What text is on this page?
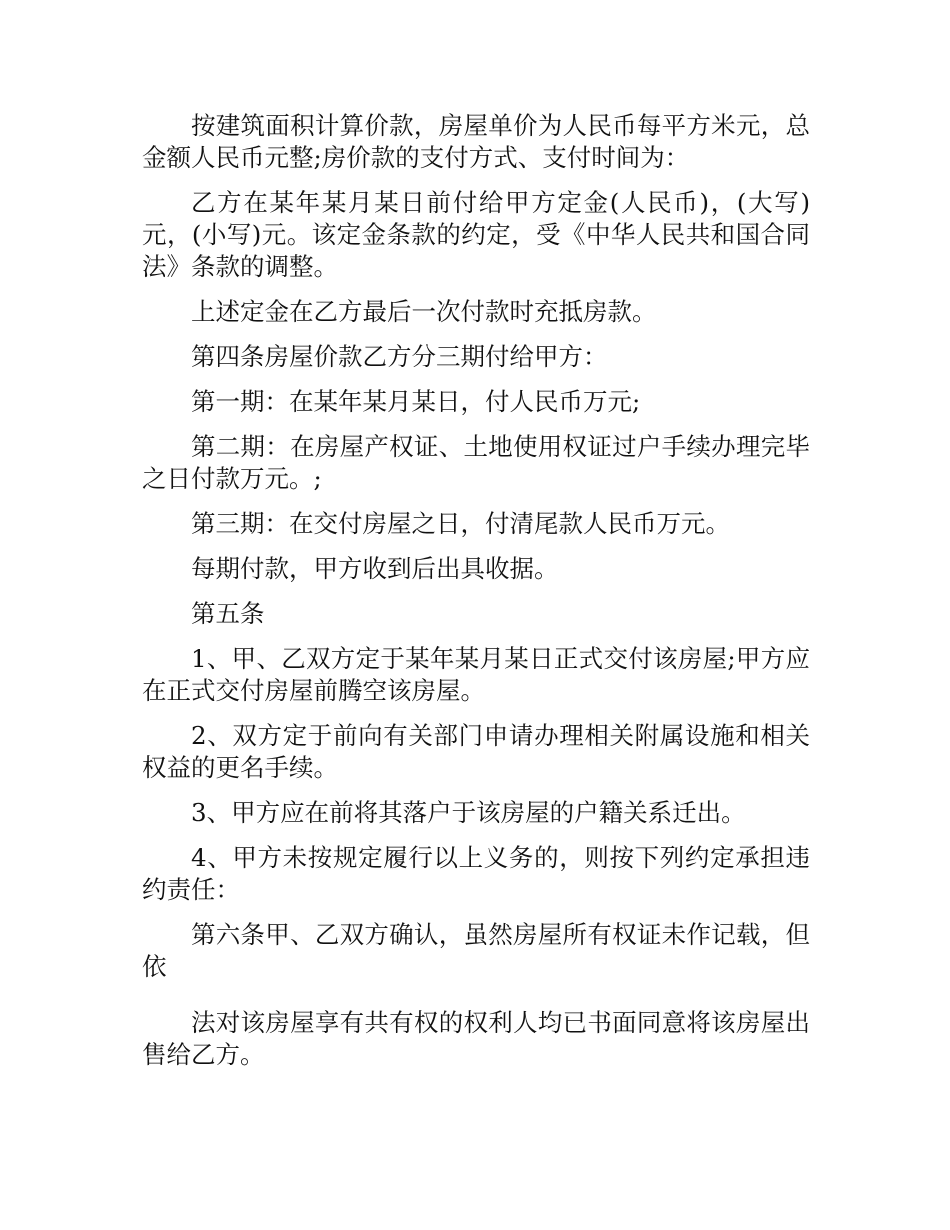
按建筑面积计算价款，房屋单价为人民币每平方米元，总金额人民币元整;房价款的支付方式、支付时间为：

乙方在某年某月某日前付给甲方定金(人民币)，(大写)元，(小写)元。该定金条款的约定，受《中华人民共和国合同法》条款的调整。

上述定金在乙方最后一次付款时充抵房款。

第四条房屋价款乙方分三期付给甲方：

第一期：在某年某月某日，付人民币万元;

第二期：在房屋产权证、土地使用权证过户手续办理完毕之日付款万元。;

第三期：在交付房屋之日，付清尾款人民币万元。

每期付款，甲方收到后出具收据。

第五条

1、甲、乙双方定于某年某月某日正式交付该房屋;甲方应在正式交付房屋前腾空该房屋。

2、双方定于前向有关部门申请办理相关附属设施和相关权益的更名手续。

3、甲方应在前将其落户于该房屋的户籍关系迁出。

4、甲方未按规定履行以上义务的，则按下列约定承担违约责任：

第六条甲、乙双方确认，虽然房屋所有权证未作记载，但依

法对该房屋享有共有权的权利人均已书面同意将该房屋出售给乙方。
